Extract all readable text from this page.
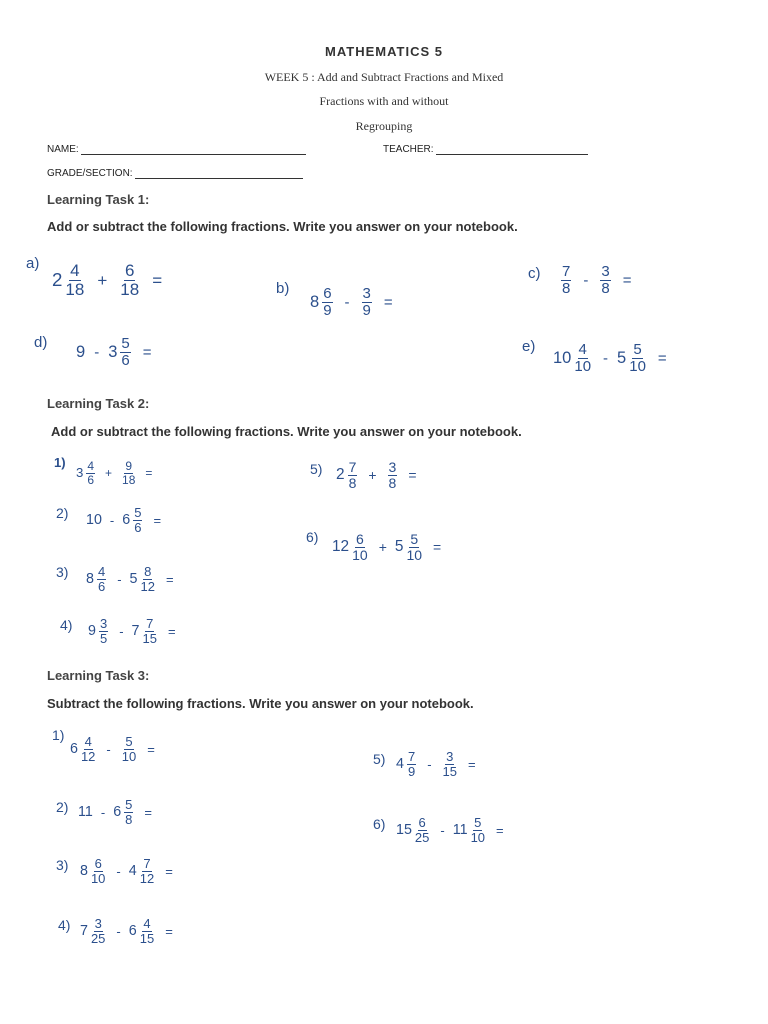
MATHEMATICS 5
WEEK 5 : Add and Subtract Fractions and Mixed
Fractions with and without
Regrouping
NAME:	TEACHER:
GRADE/SECTION:
Learning Task 1:
Add or subtract the following fractions. Write you answer on your notebook.
a)
$2 \frac{4}{18} + \frac{6}{18}$ =	b)
$8 \frac{6}{9} - \frac{3}{9}$ =
$c) \frac{7}{8} - \frac{3}{8}$ =
d)
$9 - 3 \frac{5}{6}$ =	e)
$10 \frac{4}{10} - 5 \frac{5}{10}$ =
Learning Task 2:
Add or subtract the following fractions. Write you answer on your notebook.
1)
$3 \frac{4}{6} + \frac{9}{18}$ =
2) $10 - 6 \frac{5}{6}$ =
3) $8 \frac{4}{6} - 5 \frac{8}{12}$ =
4) $9 \frac{3}{5} - 7 \frac{7}{15}$ =
5) $2 \frac{7}{8} + \frac{3}{8}$ =
6)
$12 \frac{6}{10} + 5 \frac{5}{10}$ =
Learning Task 3:
Subtract the following fractions. Write you answer on your notebook.
1)
$6 \frac{4}{12} - \frac{5}{10}$ =
2) $11 - 6 \frac{5}{8}$ =
3) $8 \frac{6}{10} - 4 \frac{7}{12}$ =
4) $7 \frac{3}{25} - 6 \frac{4}{15}$ =
5) $4 \frac{7}{9} - \frac{3}{15}$ =
6) $15 \frac{6}{25} - 11 \frac{5}{10}$ =
